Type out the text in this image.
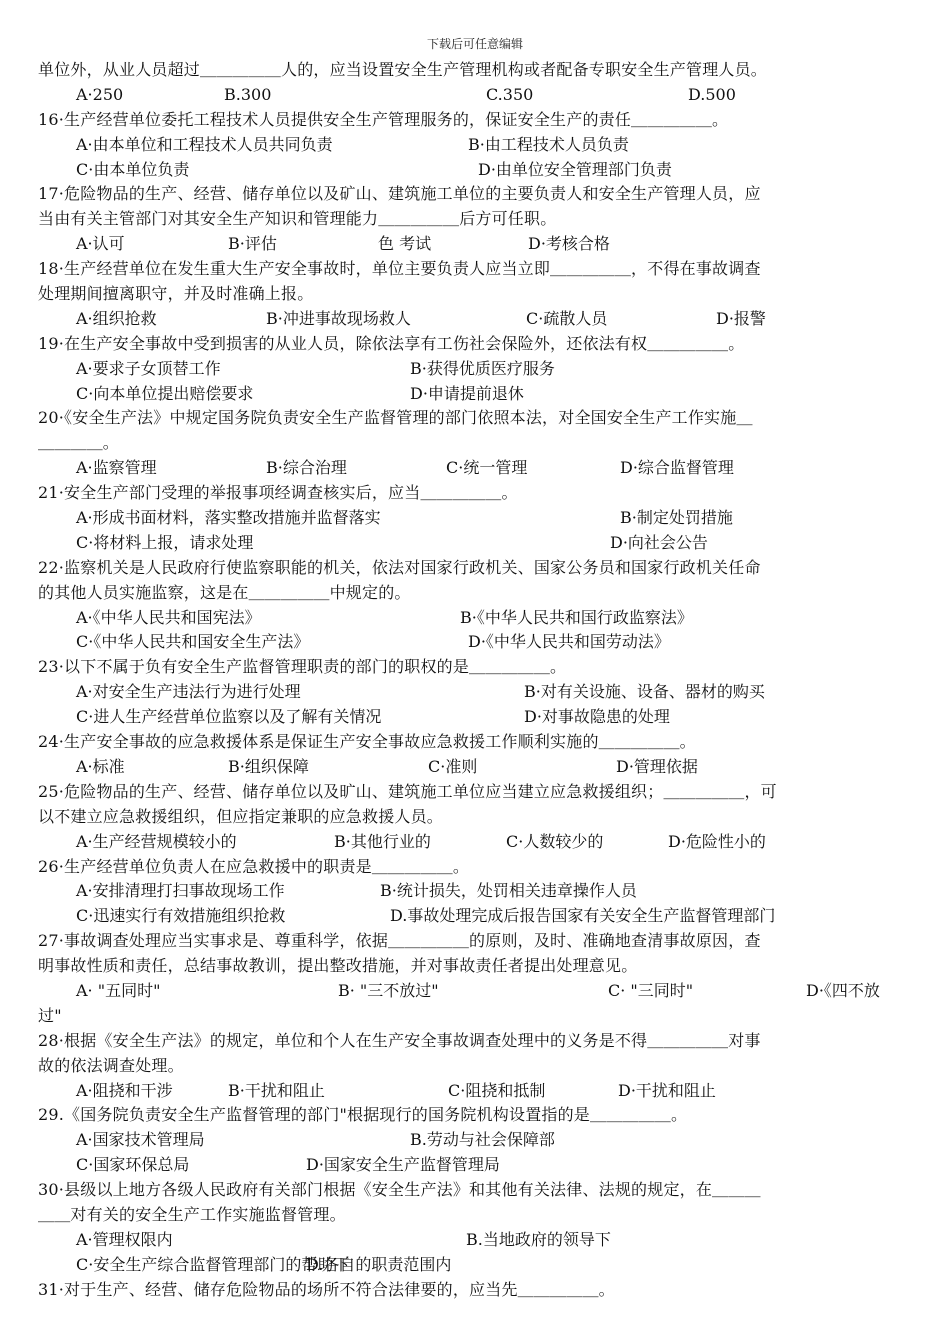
下载后可任意编辑
单位外，从业人员超过＿＿＿＿＿人的，应当设置安全生产管理机构或者配备专职安全生产管理人员。
A·250	B.300	C.350	D.500
16·生产经营单位委托工程技术人员提供安全生产管理服务的，保证安全生产的责任＿＿＿＿＿。
A·由本单位和工程技术人员共同负责	B·由工程技术人员负责
C·由本单位负责	D·由单位安全管理部门负责
17·危险物品的生产、经营、储存单位以及矿山、建筑施工单位的主要负责人和安全生产管理人员，应
当由有关主管部门对其安全生产知识和管理能力＿＿＿＿＿后方可任职。
A·认可	B·评估	色 考试	D·考核合格
18·生产经营单位在发生重大生产安全事故时，单位主要负责人应当立即＿＿＿＿＿，不得在事故调查
处理期间擅离职守，并及时准确上报。
A·组织抢救	B·冲进事故现场救人	C·疏散人员	D·报警
19·在生产安全事故中受到损害的从业人员，除依法享有工伤社会保险外，还依法有权＿＿＿＿＿。
A·要求子女顶替工作	B·获得优质医疗服务
C·向本单位提出赔偿要求	D·申请提前退休
20·《安全生产法》中规定国务院负责安全生产监督管理的部门依照本法，对全国安全生产工作实施＿
＿＿＿＿。
A·监察管理	B·综合治理	C·统一管理	D·综合监督管理
21·安全生产部门受理的举报事项经调查核实后，应当＿＿＿＿＿。
A·形成书面材料，落实整改措施并监督落实	B·制定处罚措施
C·将材料上报，请求处理	D·向社会公告
22·监察机关是人民政府行使监察职能的机关，依法对国家行政机关、国家公务员和国家行政机关任命
的其他人员实施监察，这是在＿＿＿＿＿中规定的。
A·《中华人民共和国宪法》	B·《中华人民共和国行政监察法》
C·《中华人民共和国安全生产法》	D·《中华人民共和国劳动法》
23·以下不属于负有安全生产监督管理职责的部门的职权的是＿＿＿＿＿。
A·对安全生产违法行为进行处理	B·对有关设施、设备、器材的购买
C·进人生产经营单位监察以及了解有关情况	D·对事故隐患的处理
24·生产安全事故的应急救援体系是保证生产安全事故应急救援工作顺利实施的＿＿＿＿＿。
A·标准	B·组织保障	C·准则	D·管理依据
25·危险物品的生产、经营、储存单位以及旷山、建筑施工单位应当建立应急救援组织；＿＿＿＿＿，可
以不建立应急救援组织，但应指定兼职的应急救援人员。
A·生产经营规模较小的	B·其他行业的	C·人数较少的	D·危险性小的
26·生产经营单位负责人在应急救援中的职责是＿＿＿＿＿。
A·安排清理打扫事故现场工作	B·统计损失，处罚相关违章操作人员
C·迅速实行有效措施组织抢救	D.事故处理完成后报告国家有关安全生产监督管理部门
27·事故调查处理应当实事求是、尊重科学，依据＿＿＿＿＿的原则，及时、准确地查清事故原因，查
明事故性质和责任，总结事故教训，提出整改措施，并对事故责任者提出处理意见。
A· "五同时"	B· "三不放过"	C· "三同时"	D·《四不放
过"
28·根据《安全生产法》的规定，单位和个人在生产安全事故调查处理中的义务是不得＿＿＿＿＿对事
故的依法调查处理。
A·阻挠和干涉	B·干扰和阻止	C·阻挠和抵制	D·干扰和阻止
29.《国务院负责安全生产监督管理的部门"根据现行的国务院机构设置指的是＿＿＿＿＿。
A·国家技术管理局	B.劳动与社会保障部
C·国家环保总局	D·国家安全生产监督管理局
30·县级以上地方各级人民政府有关部门根据《安全生产法》和其他有关法律、法规的规定，在＿＿＿
＿＿对有关的安全生产工作实施监督管理。
A·管理权限内	B.当地政府的领导下
C·安全生产综合监督管理部门的帮助下
D.各自的职责范围内
31·对于生产、经营、储存危险物品的场所不符合法律要的，应当先＿＿＿＿＿。
